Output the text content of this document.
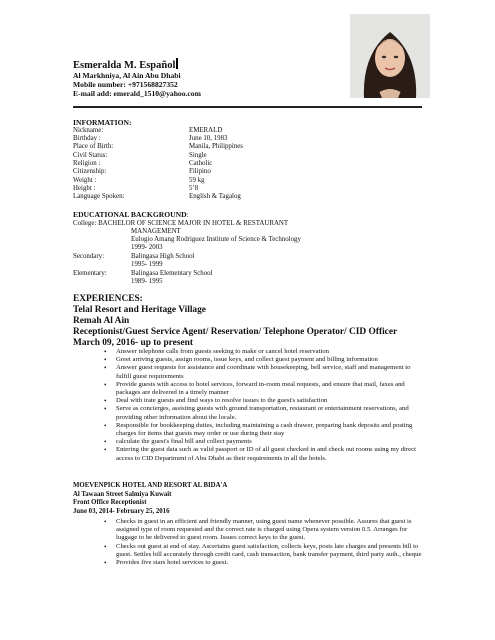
Esmeralda M. Español
Al Markhniya, Al Ain Abu Dhabi
Mobile number: +971568827352
E-mail add: emerald_1510@yahoo.com
INFORMATION:
Nickname:	EMERALD
Birthday :	June 10, 1983
Place of Birth:	Manila, Philippines
Civil Status:	Single
Religion :	Catholic
Citizenship:	Filipino
Weight :	59 kg
Height :	5’8
Language Spoken:	English & Tagalog
EDUCATIONAL BACKGROUND:
College: BACHELOR OF SCIENCE MAJOR IN HOTEL & RESTAURANT
MANAGEMENT
Eulogio Amang Rodriguez Institute of Science & Technology
1999- 2003
Secondary:	Balingasa High School
1995- 1999
Elementary:	Balingasa Elementary School
1989- 1995
EXPERIENCES:
Telal Resort and Heritage Village
Remah Al Ain
Receptionist/Guest Service Agent/ Reservation/ Telephone Operator/ CID Officer
March 09, 2016- up to present
• Answer telephone calls from guests seeking to make or cancel hotel reservation
• Greet arriving guests, assign rooms, issue keys, and collect guest payment and billing information
• Answer guest requests for assistance and coordinate with housekeeping, bell service, staff and management to fulfill guest requirements
• Provide guests with access to hotel services, forward in-room meal requests, and ensure that mail, faxes and packages are delivered in a timely manner
• Deal with irate guests and find ways to resolve issues to the guest's satisfaction
• Serve as concierges, assisting guests with ground transportation, restaurant or entertainment reservations, and providing other information about the locale.
• Responsible for bookkeeping duties, including maintaining a cash drawer, preparing bank deposits and posting charges for items that guests may order or use during their stay
• calculate the guest's final bill and collect payments
• Entering the guest data such as valid passport or ID of all guest checked in and check out rooms using my direct access to CID Department of Abu Dhabi as their requirements in all the hotels.
MOEVENPICK HOTEL AND RESORT AL BIDA'A
Al Tawaan Street Salmiya Kuwait
Front Office Receptionist
June 03, 2014- February 25, 2016
• Checks in guest in an efficient and friendly manner, using guest name whenever possible. Assures that guest is assigned type of room requested and the correct rate is charged using Opera system version 0.5. Arranges for luggage to be delivered to guest room. Issues correct keys to the guest.
• Checks out guest at end of stay. Ascertains guest satisfaction, collects keys, posts late charges and presents bill to guest. Settles bill accurately through credit card, cash transaction, bank transfer payment, third party auth., cheque
• Provides five stars hotel services to guest.
